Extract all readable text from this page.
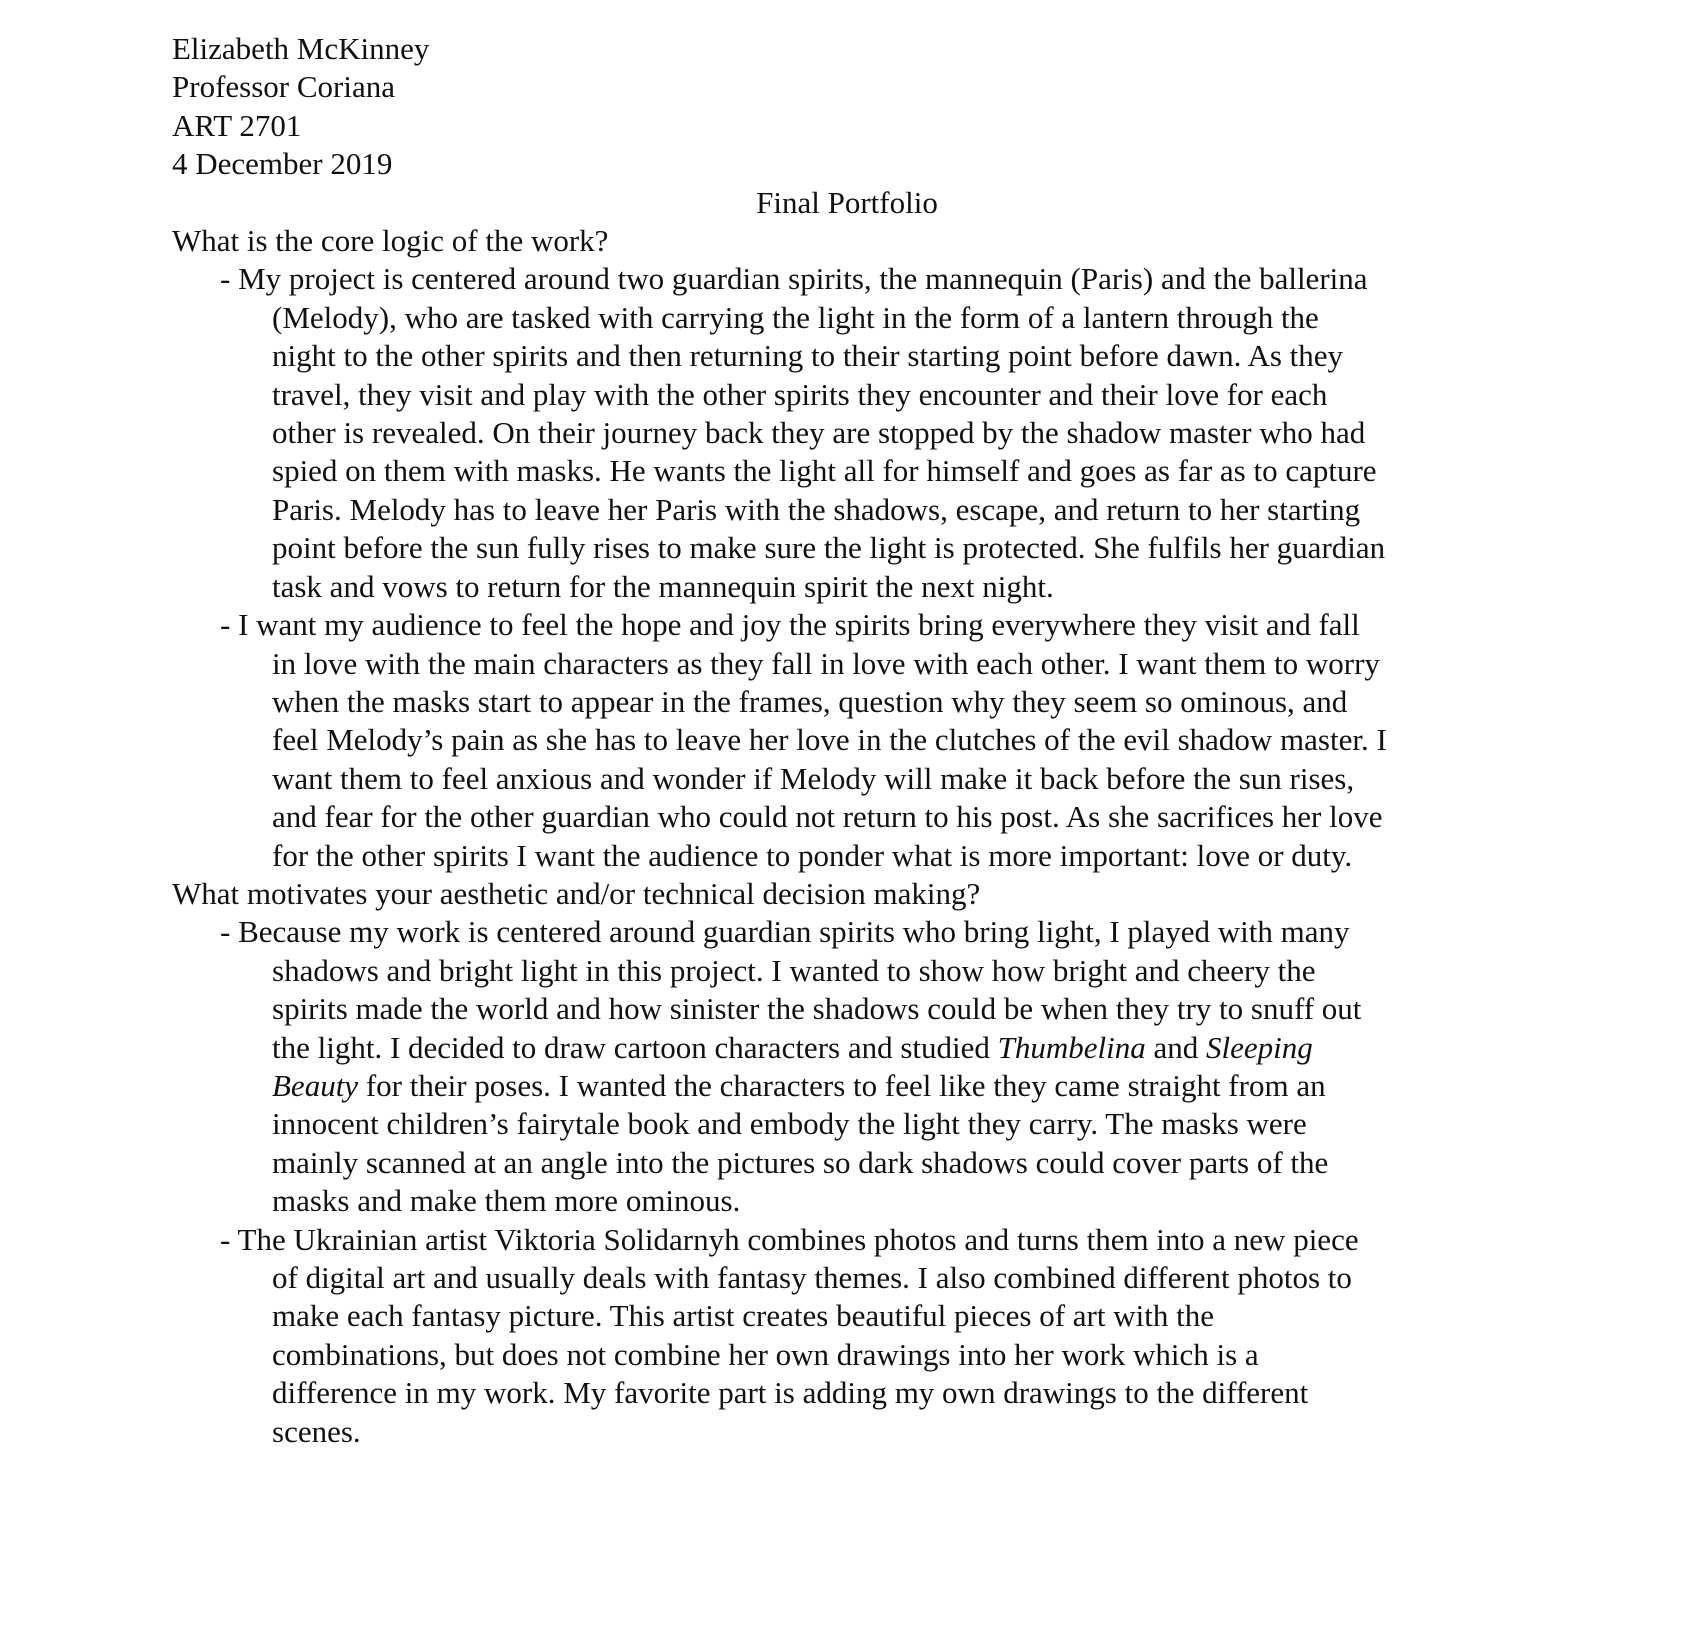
Elizabeth McKinney
Professor Coriana
ART 2701
4 December 2019
Final Portfolio
What is the core logic of the work?
- My project is centered around two guardian spirits, the mannequin (Paris) and the ballerina
(Melody), who are tasked with carrying the light in the form of a lantern through the
night to the other spirits and then returning to their starting point before dawn. As they
travel, they visit and play with the other spirits they encounter and their love for each
other is revealed. On their journey back they are stopped by the shadow master who had
spied on them with masks. He wants the light all for himself and goes as far as to capture
Paris. Melody has to leave her Paris with the shadows, escape, and return to her starting
point before the sun fully rises to make sure the light is protected. She fulfils her guardian
task and vows to return for the mannequin spirit the next night.
- I want my audience to feel the hope and joy the spirits bring everywhere they visit and fall
in love with the main characters as they fall in love with each other. I want them to worry
when the masks start to appear in the frames, question why they seem so ominous, and
feel Melody’s pain as she has to leave her love in the clutches of the evil shadow master. I
want them to feel anxious and wonder if Melody will make it back before the sun rises,
and fear for the other guardian who could not return to his post. As she sacrifices her love
for the other spirits I want the audience to ponder what is more important: love or duty.
What motivates your aesthetic and/or technical decision making?
- Because my work is centered around guardian spirits who bring light, I played with many
shadows and bright light in this project. I wanted to show how bright and cheery the
spirits made the world and how sinister the shadows could be when they try to snuff out
the light. I decided to draw cartoon characters and studied Thumbelina and Sleeping
Beauty for their poses. I wanted the characters to feel like they came straight from an
innocent children’s fairytale book and embody the light they carry. The masks were
mainly scanned at an angle into the pictures so dark shadows could cover parts of the
masks and make them more ominous.
- The Ukrainian artist Viktoria Solidarnyh combines photos and turns them into a new piece
of digital art and usually deals with fantasy themes. I also combined different photos to
make each fantasy picture. This artist creates beautiful pieces of art with the
combinations, but does not combine her own drawings into her work which is a
difference in my work. My favorite part is adding my own drawings to the different
scenes.
